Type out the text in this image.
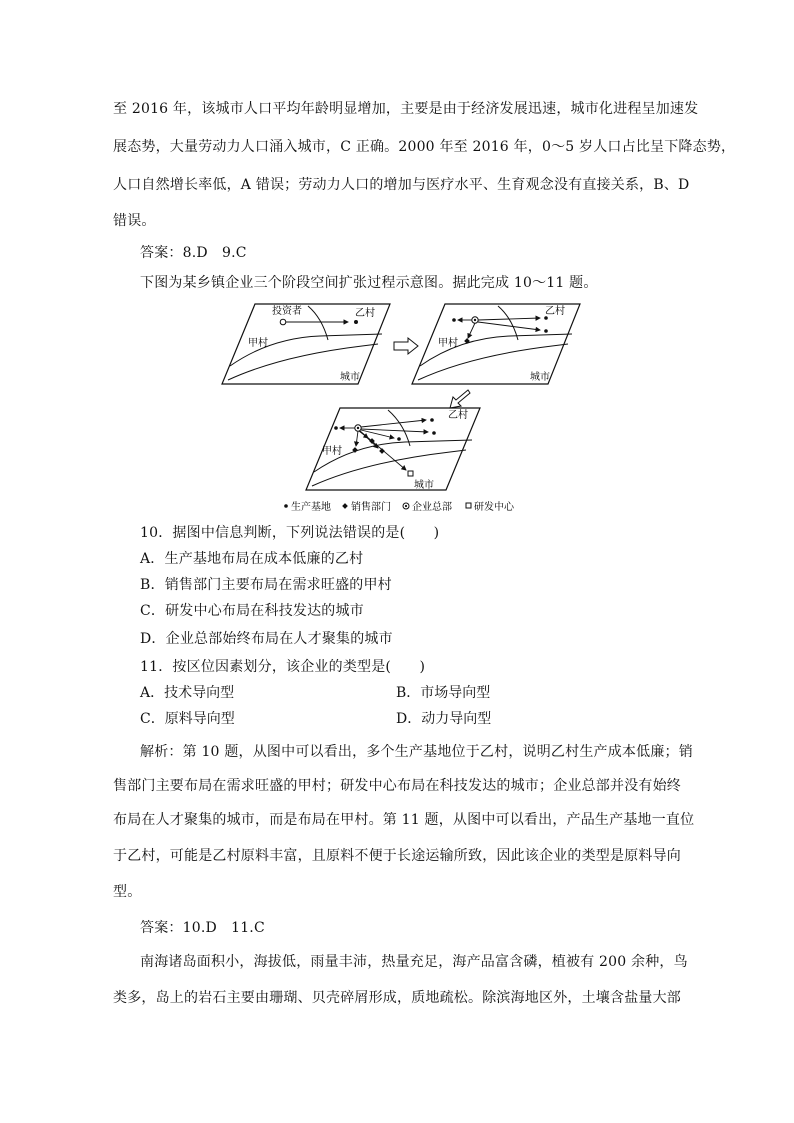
至 2016 年，该城市人口平均年龄明显增加，主要是由于经济发展迅速，城市化进程呈加速发
展态势，大量劳动力人口涌入城市，C 正确。2000 年至 2016 年，0～5 岁人口占比呈下降态势，
人口自然增长率低，A 错误；劳动力人口的增加与医疗水平、生育观念没有直接关系，B、D
错误。
答案：8.D　9.C
下图为某乡镇企业三个阶段空间扩张过程示意图。据此完成 10～11 题。
投资者	乙村
甲村
城市
乙村
甲村
城市
乙村
甲村
城市
生产基地 销售部门 企业总部 研发中心
10．据图中信息判断，下列说法错误的是(　　)
A．生产基地布局在成本低廉的乙村
B．销售部门主要布局在需求旺盛的甲村
C．研发中心布局在科技发达的城市
D．企业总部始终布局在人才聚集的城市
11．按区位因素划分，该企业的类型是(　　)
A．技术导向型	B．市场导向型
C．原料导向型	D．动力导向型
解析：第 10 题，从图中可以看出，多个生产基地位于乙村，说明乙村生产成本低廉；销
售部门主要布局在需求旺盛的甲村；研发中心布局在科技发达的城市；企业总部并没有始终
布局在人才聚集的城市，而是布局在甲村。第 11 题，从图中可以看出，产品生产基地一直位
于乙村，可能是乙村原料丰富，且原料不便于长途运输所致，因此该企业的类型是原料导向
型。
答案：10.D　11.C
南海诸岛面积小，海拔低，雨量丰沛，热量充足，海产品富含磷，植被有 200 余种，鸟
类多，岛上的岩石主要由珊瑚、贝壳碎屑形成，质地疏松。除滨海地区外，土壤含盐量大部
